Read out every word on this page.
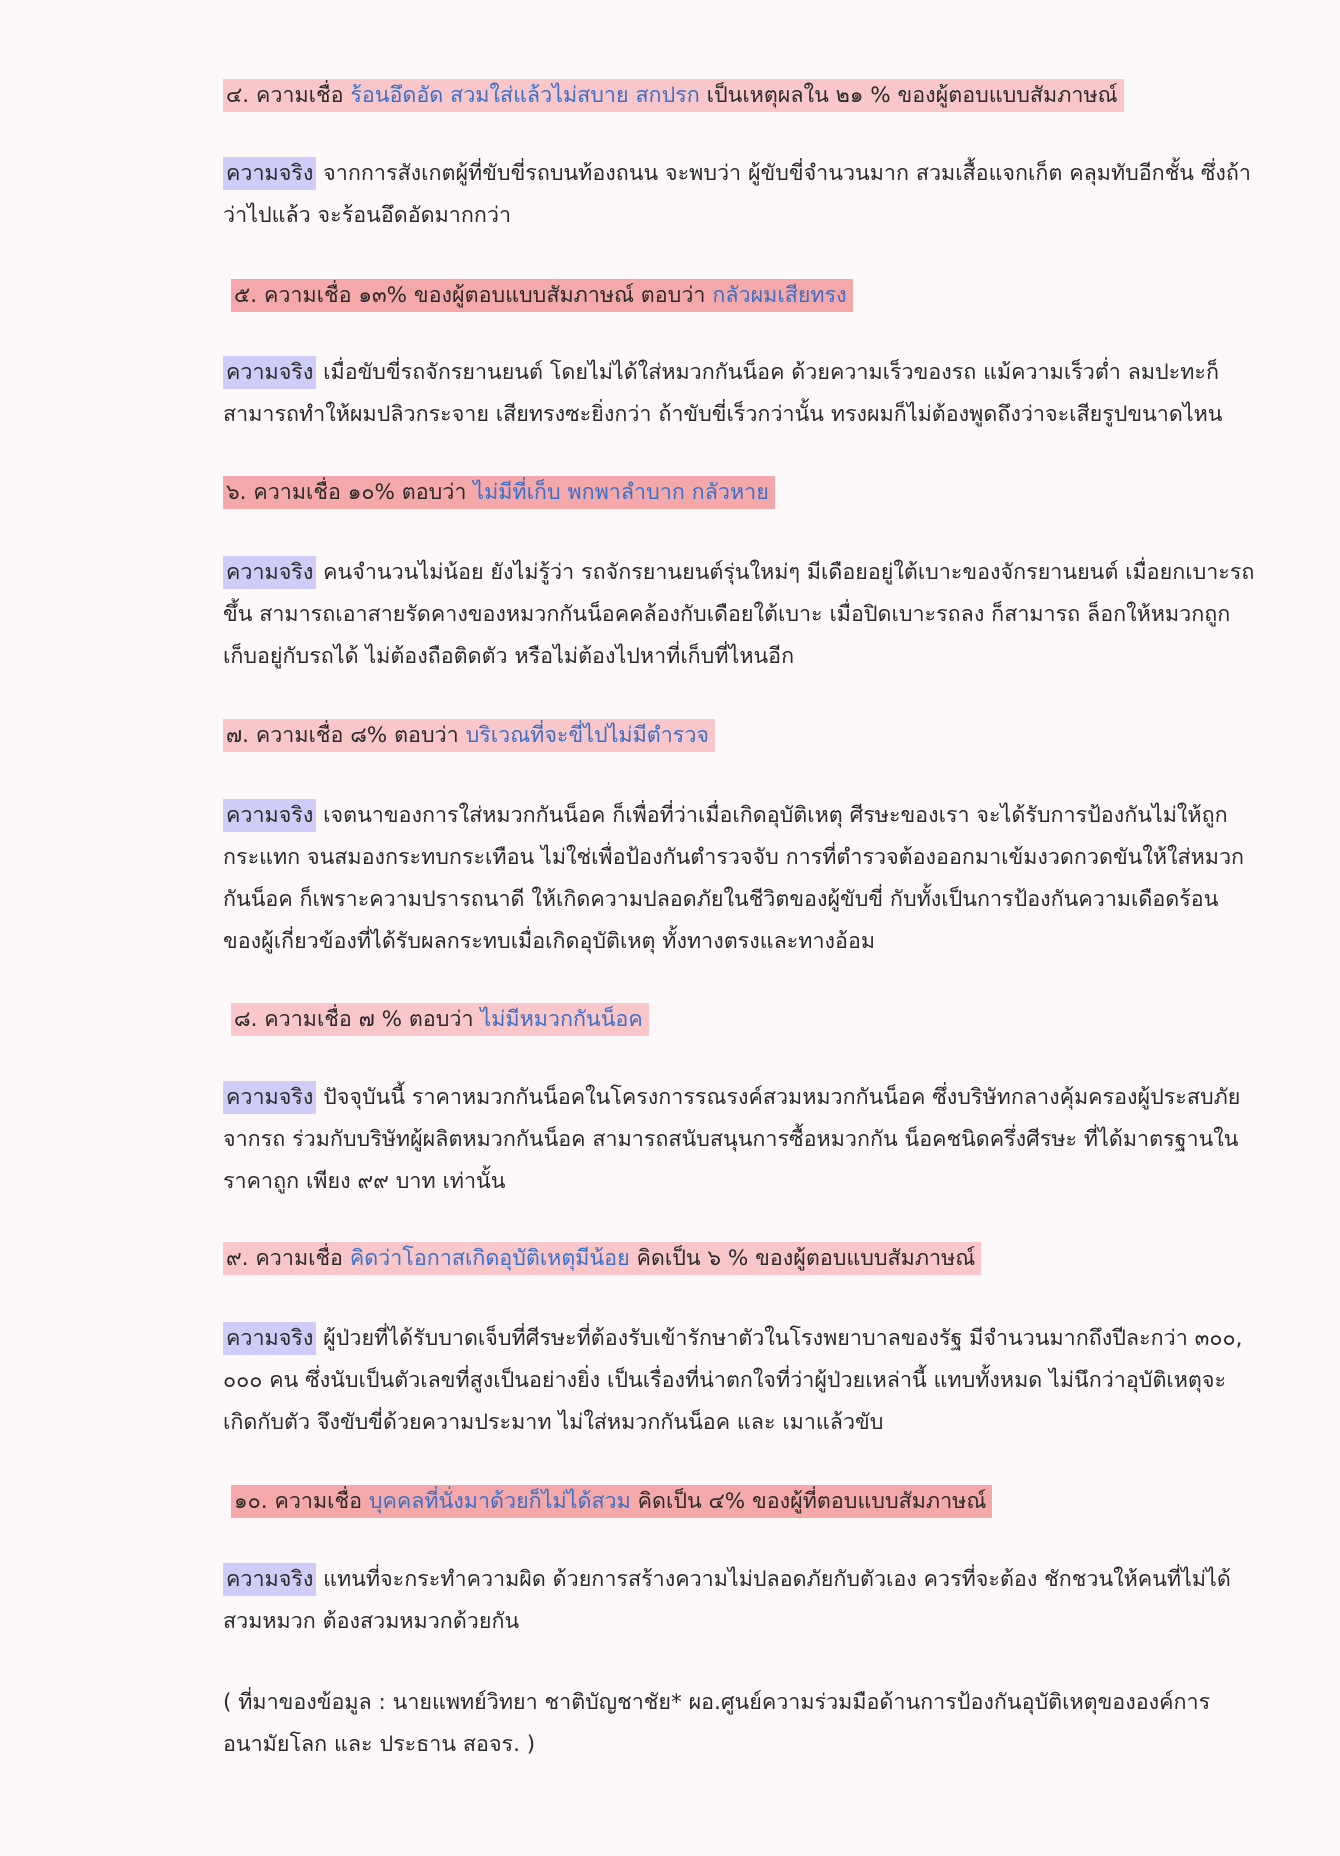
๔. ความเชื่อ ร้อนอึดอัด สวมใส่แล้วไม่สบาย สกปรก เป็นเหตุผลใน ๒๑ % ของผู้ตอบแบบสัมภาษณ์

ความจริง จากการสังเกตผู้ที่ขับขี่รถบนท้องถนน จะพบว่า ผู้ขับขี่จำนวนมาก สวมเสื้อแจกเก็ต คลุมทับอีกชั้น ซึ่งถ้า

ว่าไปแล้ว จะร้อนอึดอัดมากกว่า

๕. ความเชื่อ ๑๓% ของผู้ตอบแบบสัมภาษณ์ ตอบว่า กลัวผมเสียทรง

ความจริง เมื่อขับขี่รถจักรยานยนต์ โดยไม่ได้ใส่หมวกกันน็อค ด้วยความเร็วของรถ แม้ความเร็วต่ำ ลมปะทะก็

สามารถทำให้ผมปลิวกระจาย เสียทรงซะยิ่งกว่า ถ้าขับขี่เร็วกว่านั้น ทรงผมก็ไม่ต้องพูดถึงว่าจะเสียรูปขนาดไหน

๖. ความเชื่อ ๑๐% ตอบว่า ไม่มีที่เก็บ พกพาลำบาก กลัวหาย

ความจริง คนจำนวนไม่น้อย ยังไม่รู้ว่า รถจักรยานยนต์รุ่นใหม่ๆ มีเดือยอยู่ใต้เบาะของจักรยานยนต์ เมื่อยกเบาะรถ

ขึ้น สามารถเอาสายรัดคางของหมวกกันน็อคคล้องกับเดือยใต้เบาะ เมื่อปิดเบาะรถลง ก็สามารถ ล็อกให้หมวกถูก

เก็บอยู่กับรถได้ ไม่ต้องถือติดตัว หรือไม่ต้องไปหาที่เก็บที่ไหนอีก

๗. ความเชื่อ ๘% ตอบว่า บริเวณที่จะขี่ไปไม่มีตำรวจ

ความจริง เจตนาของการใส่หมวกกันน็อค ก็เพื่อที่ว่าเมื่อเกิดอุบัติเหตุ ศีรษะของเรา จะได้รับการป้องกันไม่ให้ถูก

กระแทก จนสมองกระทบกระเทือน ไม่ใช่เพื่อป้องกันตำรวจจับ การที่ตำรวจต้องออกมาเข้มงวดกวดขันให้ใส่หมวก

กันน็อค ก็เพราะความปรารถนาดี ให้เกิดความปลอดภัยในชีวิตของผู้ขับขี่ กับทั้งเป็นการป้องกันความเดือดร้อน

ของผู้เกี่ยวข้องที่ได้รับผลกระทบเมื่อเกิดอุบัติเหตุ ทั้งทางตรงและทางอ้อม

๘. ความเชื่อ ๗ % ตอบว่า ไม่มีหมวกกันน็อค

ความจริง ปัจจุบันนี้ ราคาหมวกกันน็อคในโครงการรณรงค์สวมหมวกกันน็อค ซึ่งบริษัทกลางคุ้มครองผู้ประสบภัย

จากรถ ร่วมกับบริษัทผู้ผลิตหมวกกันน็อค สามารถสนับสนุนการซื้อหมวกกัน น็อคชนิดครึ่งศีรษะ ที่ได้มาตรฐานใน

ราคาถูก เพียง ๙๙ บาท เท่านั้น

๙. ความเชื่อ คิดว่าโอกาสเกิดอุบัติเหตุมีน้อย คิดเป็น ๖ % ของผู้ตอบแบบสัมภาษณ์

ความจริง ผู้ป่วยที่ได้รับบาดเจ็บที่ศีรษะที่ต้องรับเข้ารักษาตัวในโรงพยาบาลของรัฐ มีจำนวนมากถึงปีละกว่า ๓๐๐,

๐๐๐ คน ซึ่งนับเป็นตัวเลขที่สูงเป็นอย่างยิ่ง เป็นเรื่องที่น่าตกใจที่ว่าผู้ป่วยเหล่านี้ แทบทั้งหมด ไม่นึกว่าอุบัติเหตุจะ

เกิดกับตัว จึงขับขี่ด้วยความประมาท ไม่ใส่หมวกกันน็อค และ เมาแล้วขับ

๑๐. ความเชื่อ บุคคลที่นั่งมาด้วยก็ไม่ได้สวม คิดเป็น ๔% ของผู้ที่ตอบแบบสัมภาษณ์

ความจริง แทนที่จะกระทำความผิด ด้วยการสร้างความไม่ปลอดภัยกับตัวเอง ควรที่จะต้อง ชักชวนให้คนที่ไม่ได้

สวมหมวก ต้องสวมหมวกด้วยกัน

( ที่มาของข้อมูล : นายแพทย์วิทยา ชาติบัญชาชัย* ผอ.ศูนย์ความร่วมมือด้านการป้องกันอุบัติเหตุขององค์การ

อนามัยโลก และ ประธาน สอจร. )
